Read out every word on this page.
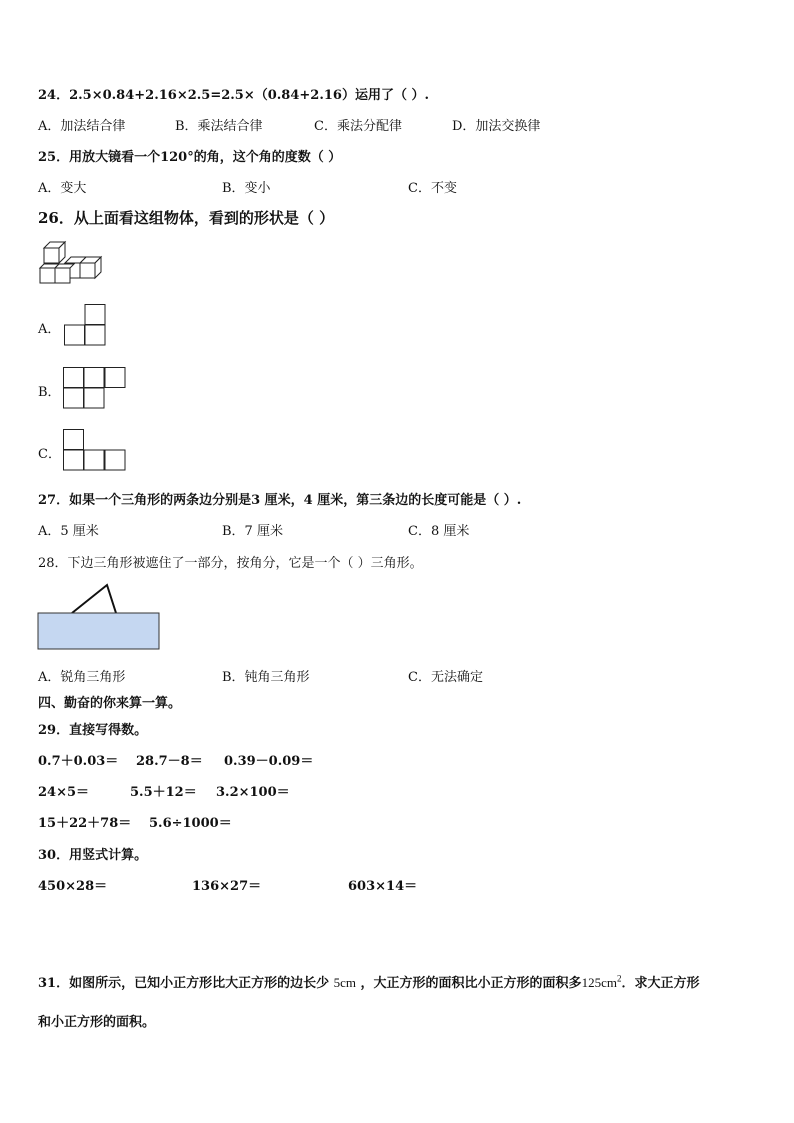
24．2.5×0.84+2.16×2.5=2.5×（0.84+2.16）运用了（ ）.
A．加法结合律	B．乘法结合律	C．乘法分配律	D．加法交换律
25．用放大镜看一个120°的角，这个角的度数（ ）
A．变大	B．变小	C．不变
26．从上面看这组物体，看到的形状是（ ）
A．
B．
C．
27．如果一个三角形的两条边分别是3 厘米，4 厘米，第三条边的长度可能是（ ）.
A．5 厘米	B．7 厘米	C．8 厘米
28．下边三角形被遮住了一部分，按角分，它是一个（ ）三角形。
A．锐角三角形	B．钝角三角形	C．无法确定
四、勤奋的你来算一算。
29．直接写得数。
0.7＋0.03＝ 28.7－8＝ 0.39－0.09＝
24×5＝	5.5＋12＝ 3.2×100＝
15＋22＋78＝ 5.6÷1000＝
30．用竖式计算。
450×28＝	136×27＝	603×14＝
31．如图所示，已知小正方形比大正方形的边长少 5cm ，大正方形的面积比小正方形的面积多$125cm^2$．求大正方形
和小正方形的面积。
